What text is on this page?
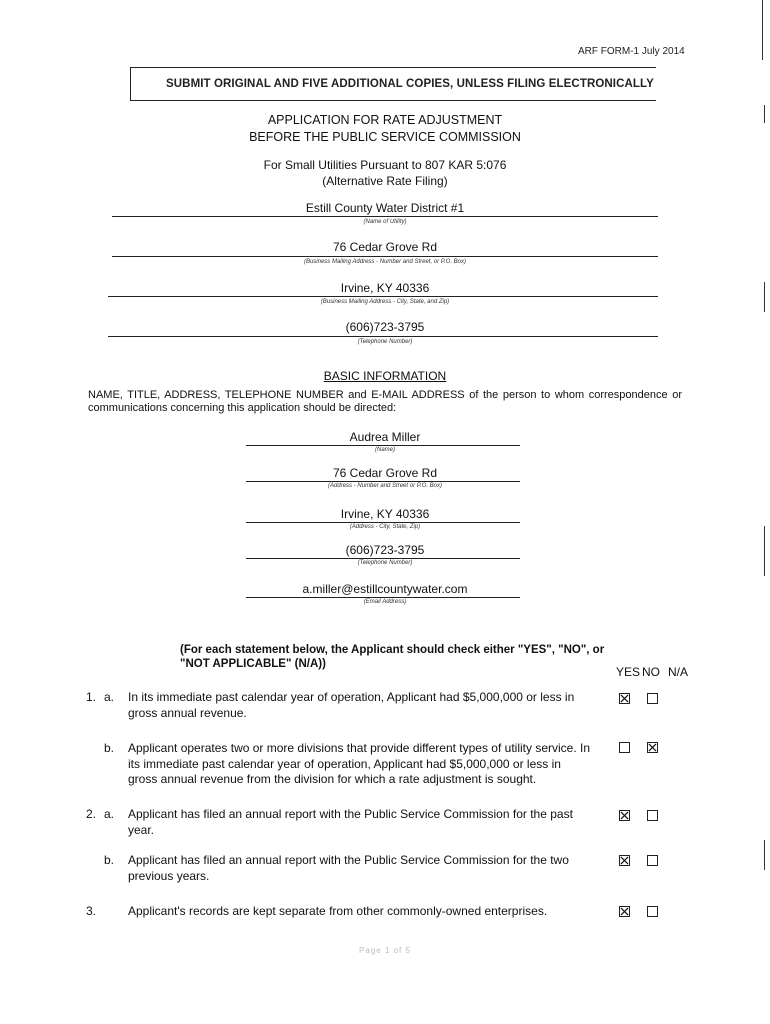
ARF FORM-1 July 2014
SUBMIT ORIGINAL AND FIVE ADDITIONAL COPIES, UNLESS FILING ELECTRONICALLY
APPLICATION FOR RATE ADJUSTMENT
BEFORE THE PUBLIC SERVICE COMMISSION
For Small Utilities Pursuant to 807 KAR 5:076
(Alternative Rate Filing)
Estill County Water District #1
(Name of Utility)
76 Cedar Grove Rd
(Business Mailing Address - Number and Street, or P.O. Box)
Irvine, KY 40336
(Business Mailing Address - City, State, and Zip)
(606)723-3795
(Telephone Number)
BASIC INFORMATION
NAME, TITLE, ADDRESS, TELEPHONE NUMBER and E-MAIL ADDRESS of the person to whom correspondence or communications concerning this application should be directed:
Audrea Miller
(Name)
76 Cedar Grove Rd
(Address - Number and Street or P.O. Box)
Irvine, KY 40336
(Address - City, State, Zip)
(606)723-3795
(Telephone Number)
a.miller@estillcountywater.com
(Email Address)
(For each statement below, the Applicant should check either "YES", "NO", or
"NOT APPLICABLE" (N/A))
YES NO N/A
1. a. In its immediate past calendar year of operation, Applicant had $5,000,000 or less in gross annual revenue.
b. Applicant operates two or more divisions that provide different types of utility service. In its immediate past calendar year of operation, Applicant had $5,000,000 or less in gross annual revenue from the division for which a rate adjustment is sought.
2. a. Applicant has filed an annual report with the Public Service Commission for the past year.
b. Applicant has filed an annual report with the Public Service Commission for the two previous years.
3.	Applicant's records are kept separate from other commonly-owned enterprises.
Page 1 of 5
